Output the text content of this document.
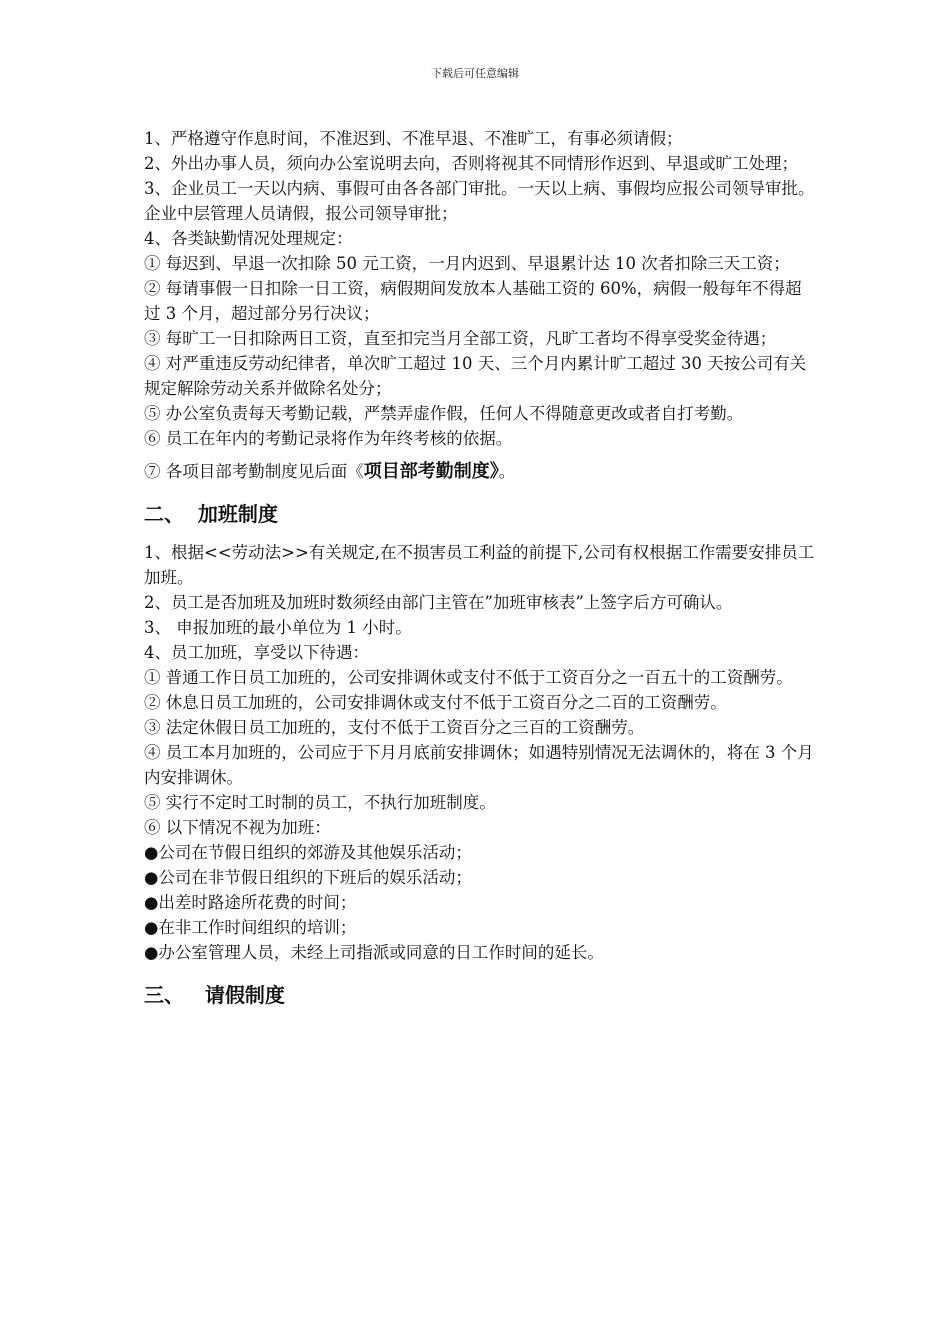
下载后可任意编辑

1、严格遵守作息时间，不准迟到、不准早退、不准旷工，有事必须请假；

2、外出办事人员，须向办公室说明去向，否则将视其不同情形作迟到、早退或旷工处理；

3、企业员工一天以内病、事假可由各各部门审批。一天以上病、事假均应报公司领导审批。企业中层管理人员请假，报公司领导审批；

4、各类缺勤情况处理规定：

① 每迟到、早退一次扣除 50 元工资，一月内迟到、早退累计达 10 次者扣除三天工资；

② 每请事假一日扣除一日工资，病假期间发放本人基础工资的 60%，病假一般每年不得超过 3 个月，超过部分另行决议；

③ 每旷工一日扣除两日工资，直至扣完当月全部工资，凡旷工者均不得享受奖金待遇；

④ 对严重违反劳动纪律者，单次旷工超过 10 天、三个月内累计旷工超过 30 天按公司有关规定解除劳动关系并做除名处分；

⑤ 办公室负责每天考勤记载，严禁弄虚作假，任何人不得随意更改或者自打考勤。

⑥ 员工在年内的考勤记录将作为年终考核的依据。

⑦ 各项目部考勤制度见后面《项目部考勤制度》。

二、  加班制度

1、根据<<劳动法>>有关规定,在不损害员工利益的前提下,公司有权根据工作需要安排员工加班。

2、员工是否加班及加班时数须经由部门主管在”加班审核表”上签字后方可确认。

3、 申报加班的最小单位为 1 小时。

4、员工加班，享受以下待遇：

① 普通工作日员工加班的，公司安排调休或支付不低于工资百分之一百五十的工资酬劳。

② 休息日员工加班的，公司安排调休或支付不低于工资百分之二百的工资酬劳。

③ 法定休假日员工加班的，支付不低于工资百分之三百的工资酬劳。

④ 员工本月加班的，公司应于下月月底前安排调休；如遇特别情况无法调休的，将在 3 个月内安排调休。

⑤ 实行不定时工时制的员工，不执行加班制度。

⑥ 以下情况不视为加班：

●公司在节假日组织的郊游及其他娱乐活动；

●公司在非节假日组织的下班后的娱乐活动；

●出差时路途所花费的时间；

●在非工作时间组织的培训；

●办公室管理人员，未经上司指派或同意的日工作时间的延长。

三、   请假制度
